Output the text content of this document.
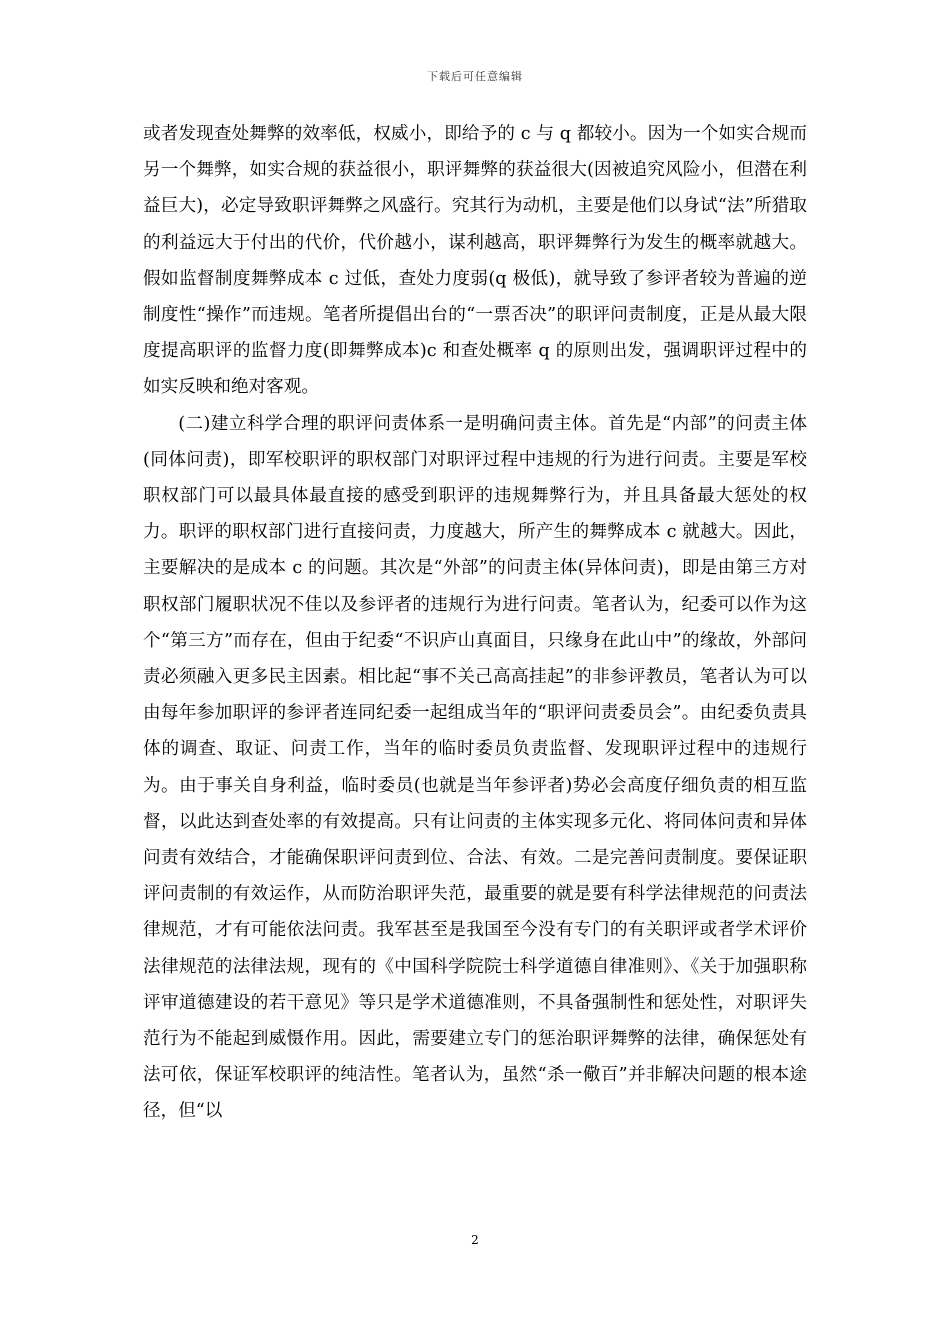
下载后可任意编辑

或者发现查处舞弊的效率低，权威小，即给予的 c 与 q 都较小。因为一个如实合规而另一个舞弊，如实合规的获益很小，职评舞弊的获益很大(因被追究风险小，但潜在利益巨大)，必定导致职评舞弊之风盛行。究其行为动机，主要是他们以身试“法”所猎取的利益远大于付出的代价，代价越小，谋利越高，职评舞弊行为发生的概率就越大。假如监督制度舞弊成本 c 过低，查处力度弱(q 极低)，就导致了参评者较为普遍的逆制度性“操作”而违规。笔者所提倡出台的“一票否决”的职评问责制度，正是从最大限度提高职评的监督力度(即舞弊成本)c 和查处概率 q 的原则出发，强调职评过程中的如实反映和绝对客观。

(二)建立科学合理的职评问责体系一是明确问责主体。首先是“内部”的问责主体(同体问责)，即军校职评的职权部门对职评过程中违规的行为进行问责。主要是军校职权部门可以最具体最直接的感受到职评的违规舞弊行为，并且具备最大惩处的权力。职评的职权部门进行直接问责，力度越大，所产生的舞弊成本 c 就越大。因此，主要解决的是成本 c 的问题。其次是“外部”的问责主体(异体问责)，即是由第三方对职权部门履职状况不佳以及参评者的违规行为进行问责。笔者认为，纪委可以作为这个“第三方”而存在，但由于纪委“不识庐山真面目，只缘身在此山中”的缘故，外部问责必须融入更多民主因素。相比起“事不关己高高挂起”的非参评教员，笔者认为可以由每年参加职评的参评者连同纪委一起组成当年的“职评问责委员会”。由纪委负责具体的调查、取证、问责工作，当年的临时委员负责监督、发现职评过程中的违规行为。由于事关自身利益，临时委员(也就是当年参评者)势必会高度仔细负责的相互监督，以此达到查处率的有效提高。只有让问责的主体实现多元化、将同体问责和异体问责有效结合，才能确保职评问责到位、合法、有效。二是完善问责制度。要保证职评问责制的有效运作，从而防治职评失范，最重要的就是要有科学法律规范的问责法律规范，才有可能依法问责。我军甚至是我国至今没有专门的有关职评或者学术评价法律规范的法律法规，现有的《中国科学院院士科学道德自律准则》、《关于加强职称评审道德建设的若干意见》等只是学术道德准则，不具备强制性和惩处性，对职评失范行为不能起到威慑作用。因此，需要建立专门的惩治职评舞弊的法律，确保惩处有法可依，保证军校职评的纯洁性。笔者认为，虽然“杀一儆百”并非解决问题的根本途径，但“以

2
